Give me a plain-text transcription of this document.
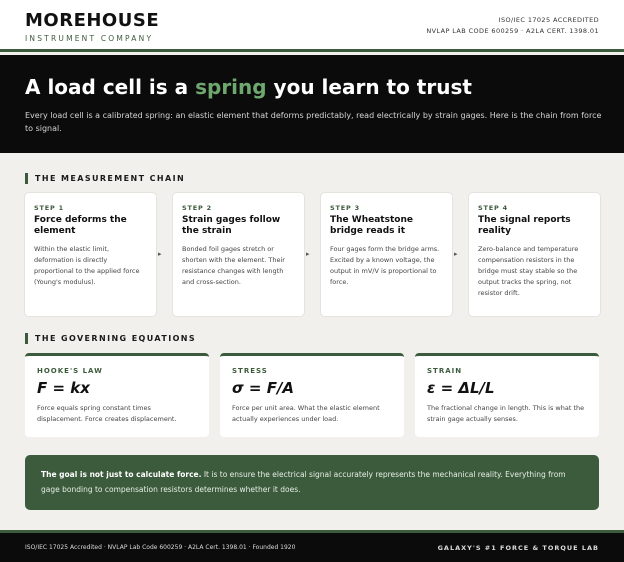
MOREHOUSE
INSTRUMENT COMPANY
ISO/IEC 17025 ACCREDITED
NVLAP LAB CODE 600259 · A2LA CERT. 1398.01
A load cell is a spring you learn to trust
Every load cell is a calibrated spring: an elastic element that deforms predictably, read electrically by strain gages. Here is the chain from force to signal.
THE MEASUREMENT CHAIN
STEP 1
Force deforms the element
Within the elastic limit, deformation is directly proportional to the applied force (Young's modulus).
▸
STEP 2
Strain gages follow the strain
Bonded foil gages stretch or shorten with the element. Their resistance changes with length and cross-section.
▸
STEP 3
The Wheatstone bridge reads it
Four gages form the bridge arms. Excited by a known voltage, the output in mV/V is proportional to force.
▸
STEP 4
The signal reports reality
Zero-balance and temperature compensation resistors in the bridge must stay stable so the output tracks the spring, not resistor drift.
THE GOVERNING EQUATIONS
HOOKE'S LAW
F = kx
Force equals spring constant times displacement. Force creates displacement.
STRESS
σ = F/A
Force per unit area. What the elastic element actually experiences under load.
STRAIN
ε = ΔL/L
The fractional change in length. This is what the strain gage actually senses.
The goal is not just to calculate force. It is to ensure the electrical signal accurately represents the mechanical reality. Everything from gage bonding to compensation resistors determines whether it does.
ISO/IEC 17025 Accredited · NVLAP Lab Code 600259 · A2LA Cert. 1398.01 · Founded 1920	GALAXY'S #1 FORCE & TORQUE LAB
